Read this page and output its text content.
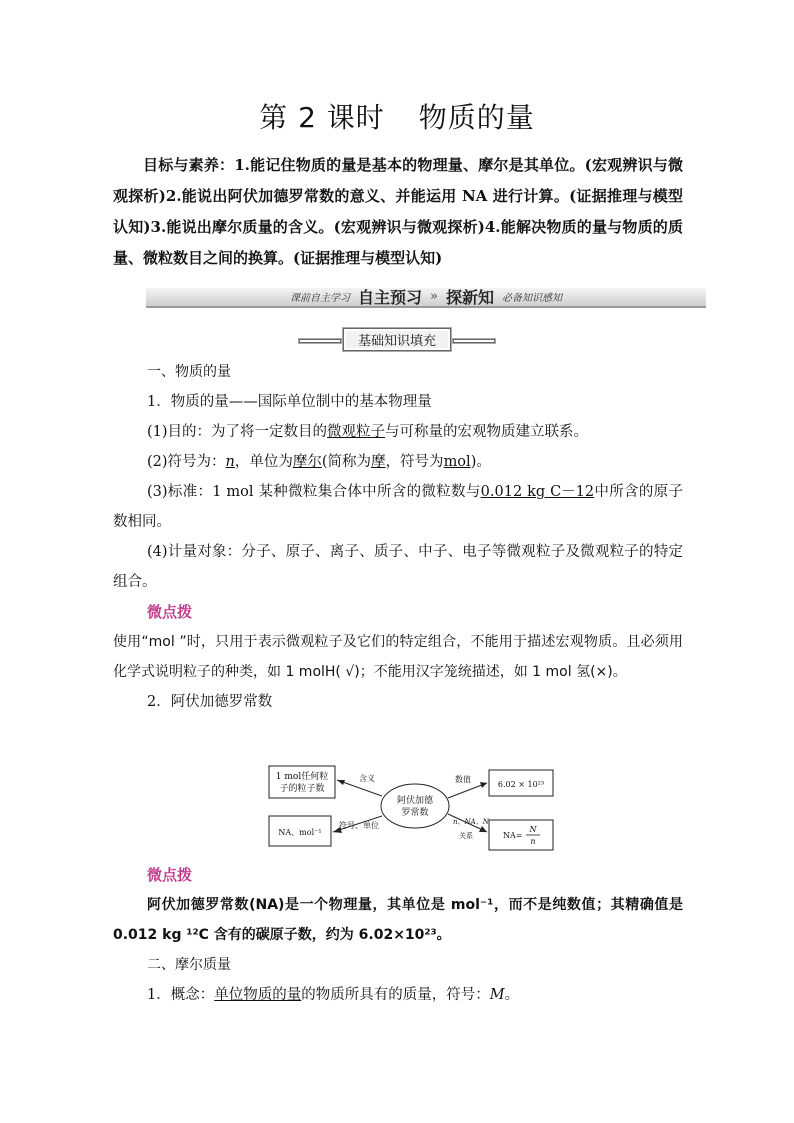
第 2 课时 物质的量

目标与素养：1.能记住物质的量是基本的物理量、摩尔是其单位。(宏观辨识与微观探析)2.能说出阿伏加德罗常数的意义、并能运用 NA 进行计算。(证据推理与模型认知)3.能说出摩尔质量的含义。(宏观辨识与微观探析)4.能解决物质的量与物质的质量、微粒数目之间的换算。(证据推理与模型认知)

课前自主学习 自主预习 » 探新知 必备知识感知
基础知识填充

一、物质的量

1．物质的量——国际单位制中的基本物理量

(1)目的：为了将一定数目的微观粒子与可称量的宏观物质建立联系。

(2)符号为：n，单位为摩尔(简称为摩，符号为mol)。

(3)标准：1 mol 某种微粒集合体中所含的微粒数与0.012 kg C－12中所含的原子数相同。

(4)计量对象：分子、原子、离子、质子、中子、电子等微观粒子及微观粒子的特定组合。

微点拨

使用“mol ”时，只用于表示微观粒子及它们的特定组合，不能用于描述宏观物质。且必须用化学式说明粒子的种类，如 1 molH( √)；不能用汉字笼统描述，如 1 mol 氢(×)。

2．阿伏加德罗常数

1 mol任何粒
子的粒子数
NA、mol⁻¹
阿伏加德
罗常数
6.02 × 10²³
NA=
N
n
含义
符号、单位
数值
n、NA、N
关系

微点拨

阿伏加德罗常数(NA)是一个物理量，其单位是 mol⁻¹，而不是纯数值；其精确值是 0.012 kg ¹²C 含有的碳原子数，约为 6.02×10²³。

二、摩尔质量

1．概念：单位物质的量的物质所具有的质量，符号：M。
